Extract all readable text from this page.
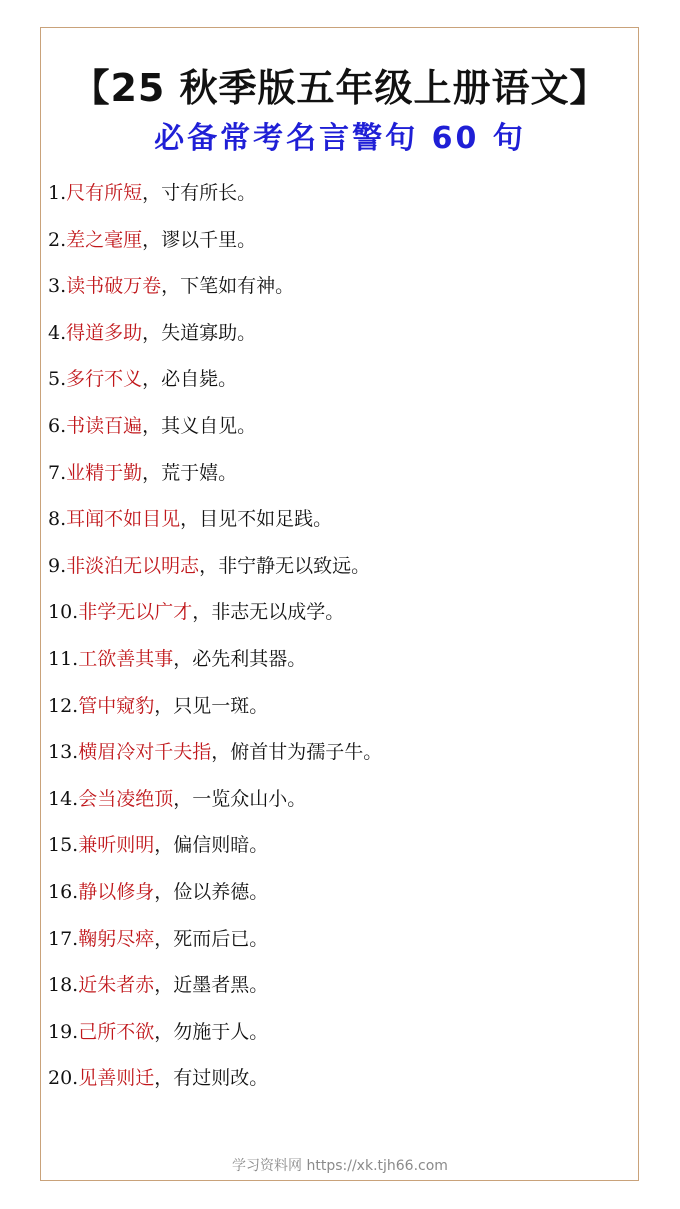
【25 秋季版五年级上册语文】
必备常考名言警句 60 句
1.尺有所短，寸有所长。
2.差之毫厘，谬以千里。
3.读书破万卷，下笔如有神。
4.得道多助，失道寡助。
5.多行不义，必自毙。
6.书读百遍，其义自见。
7.业精于勤，荒于嬉。
8.耳闻不如目见，目见不如足践。
9.非淡泊无以明志，非宁静无以致远。
10.非学无以广才，非志无以成学。
11.工欲善其事，必先利其器。
12.管中窥豹，只见一斑。
13.横眉冷对千夫指，俯首甘为孺子牛。
14.会当凌绝顶，一览众山小。
15.兼听则明，偏信则暗。
16.静以修身，俭以养德。
17.鞠躬尽瘁，死而后已。
18.近朱者赤，近墨者黑。
19.己所不欲，勿施于人。
20.见善则迁，有过则改。
学习资料网 https://xk.tjh66.com
